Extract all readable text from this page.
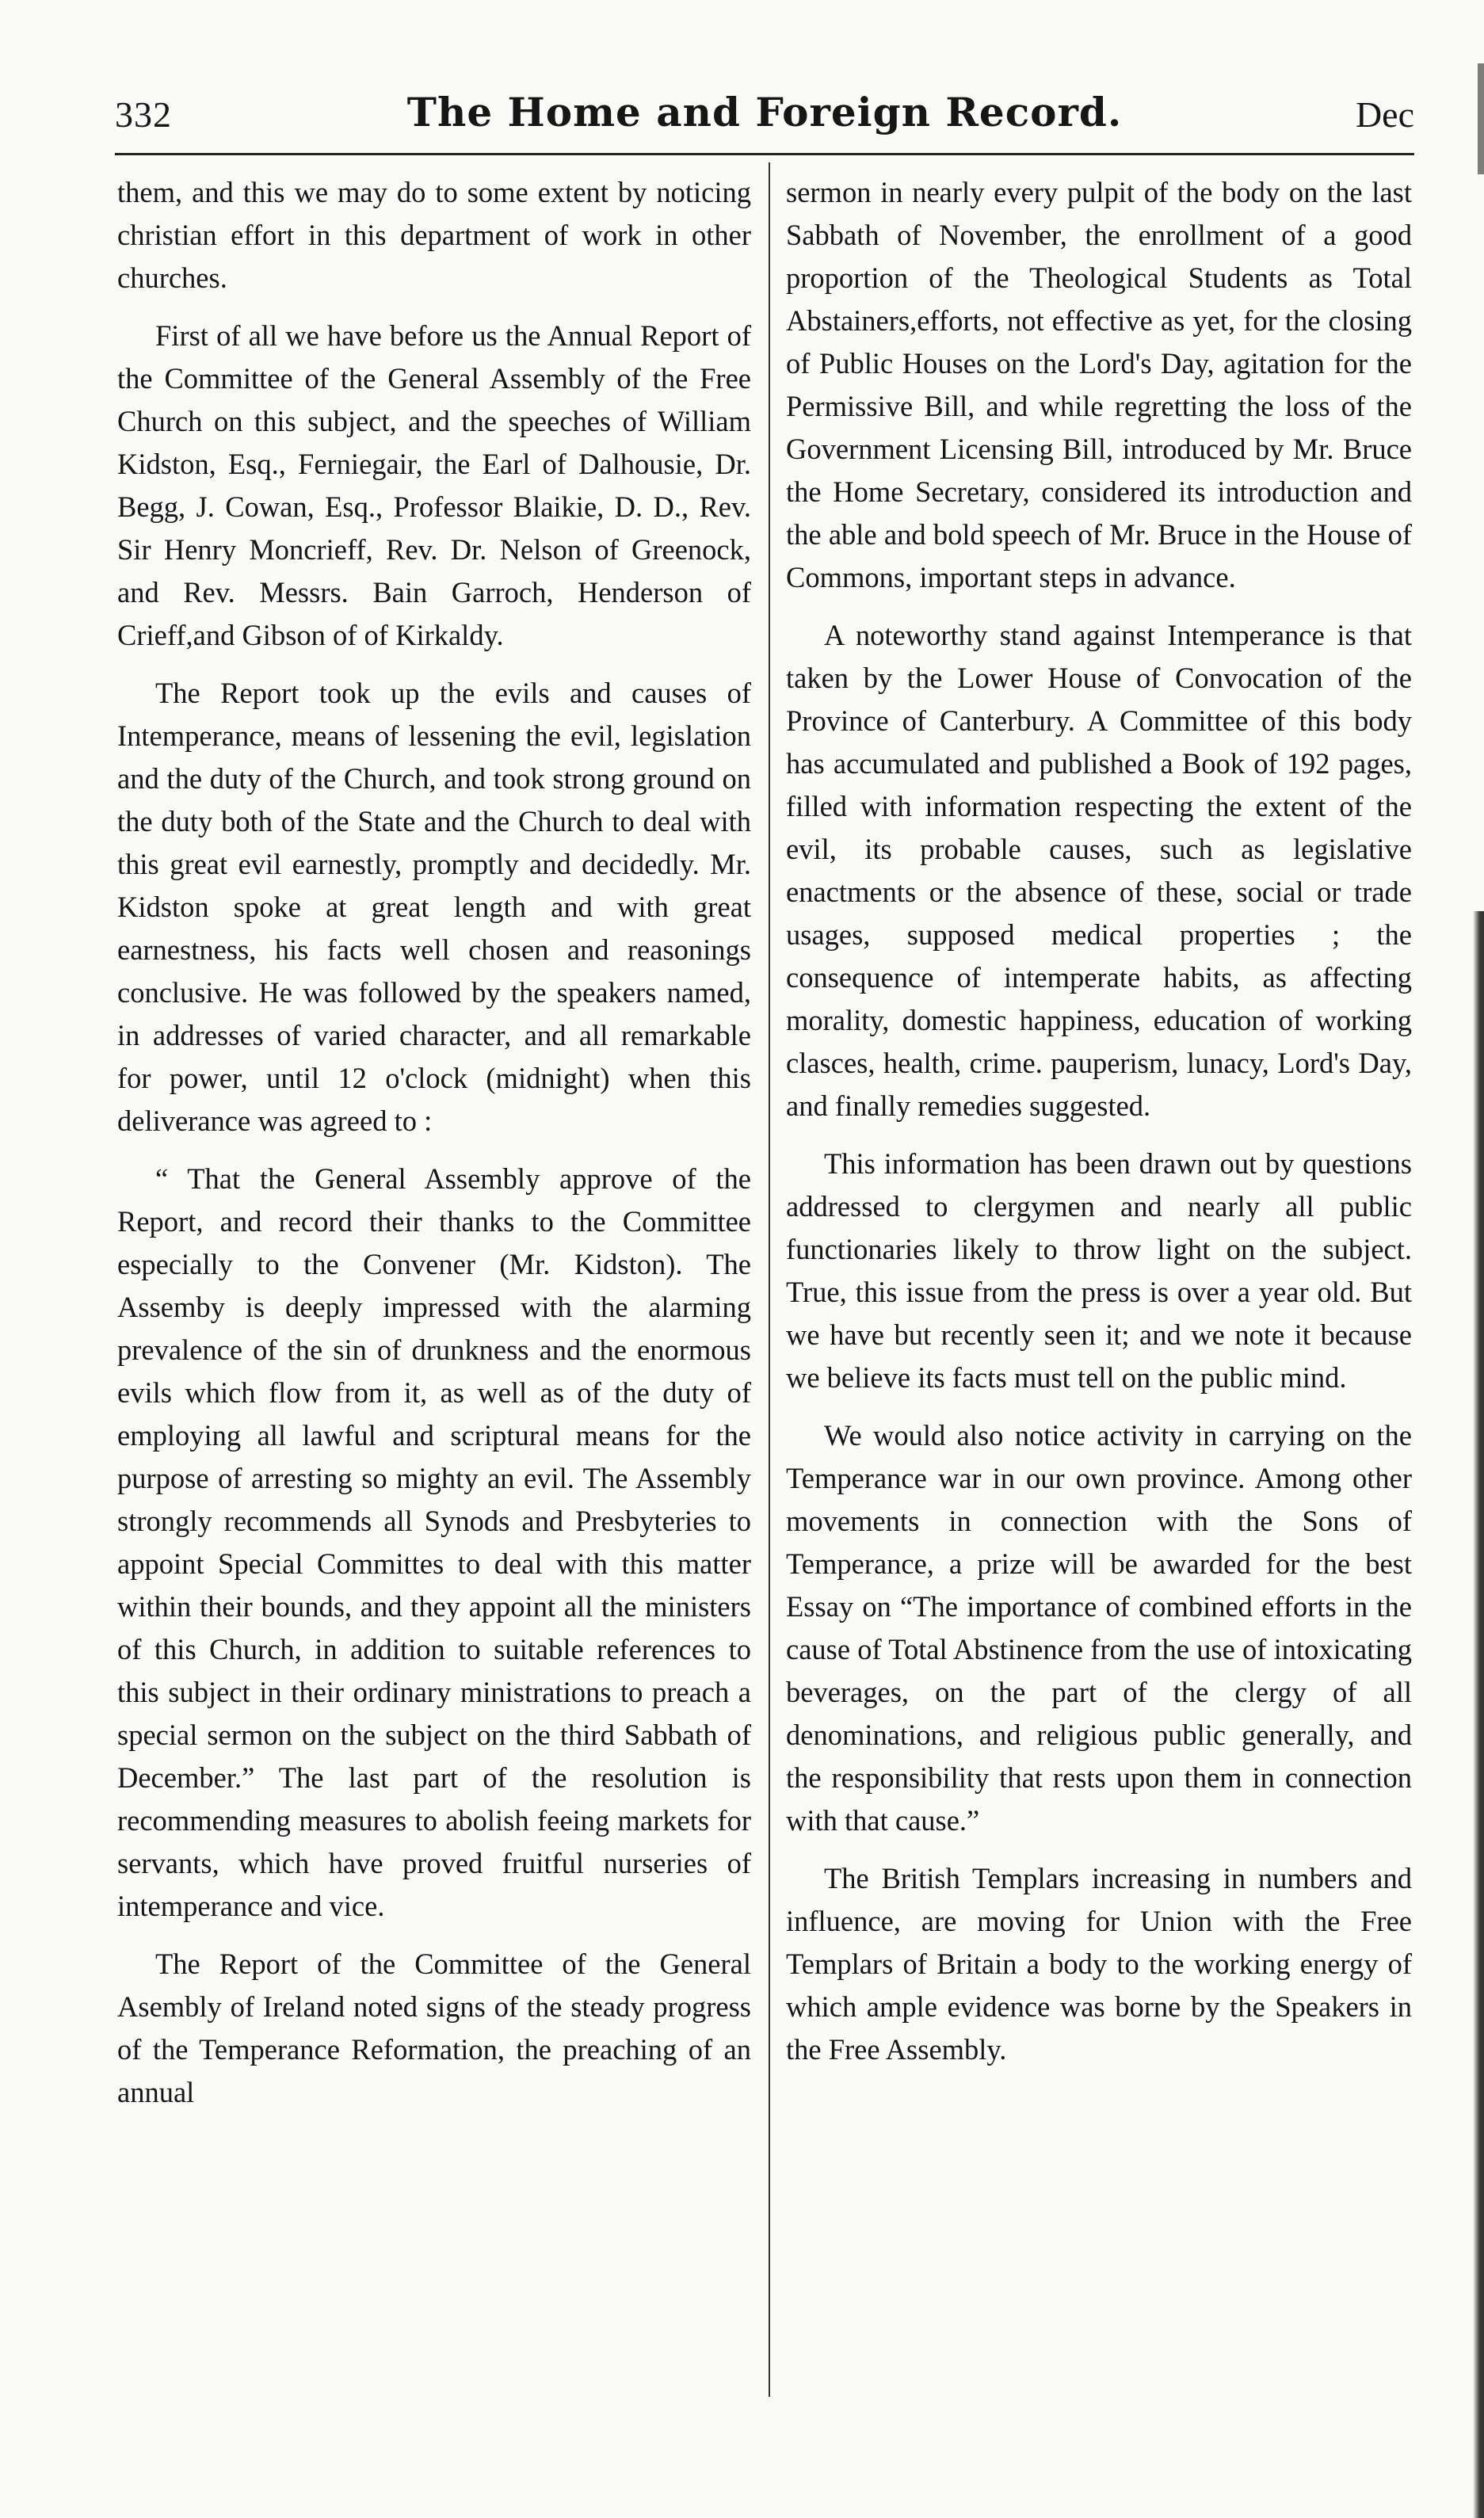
332	The Home and Foreign Record.	Dec

them, and this we may do to some extent by noticing christian effort in this department of work in other churches.

First of all we have before us the Annual Report of the Committee of the General Assembly of the Free Church on this subject, and the speeches of William Kidston, Esq., Ferniegair, the Earl of Dalhousie, Dr. Begg, J. Cowan, Esq., Professor Blaikie, D. D., Rev. Sir Henry Moncrieff, Rev. Dr. Nelson of Greenock, and Rev. Messrs. Bain Garroch, Henderson of Crieff,and Gibson of of Kirkaldy.

The Report took up the evils and causes of Intemperance, means of lessening the evil, legislation and the duty of the Church, and took strong ground on the duty both of the State and the Church to deal with this great evil earnestly, promptly and decidedly. Mr. Kidston spoke at great length and with great earnestness, his facts well chosen and reasonings conclusive. He was followed by the speakers named, in addresses of varied character, and all remarkable for power, until 12 o'clock (midnight) when this deliverance was agreed to :

“ That the General Assembly approve of the Report, and record their thanks to the Committee especially to the Convener (Mr. Kidston). The Assemby is deeply impressed with the alarming prevalence of the sin of drunkness and the enormous evils which flow from it, as well as of the duty of employing all lawful and scriptural means for the purpose of arresting so mighty an evil. The Assembly strongly recommends all Synods and Presbyteries to appoint Special Committes to deal with this matter within their bounds, and they appoint all the ministers of this Church, in addition to suitable references to this subject in their ordinary ministrations to preach a special sermon on the subject on the third Sabbath of December.” The last part of the resolution is recommending measures to abolish feeing markets for servants, which have proved fruitful nurseries of intemperance and vice.

The Report of the Committee of the General Asembly of Ireland noted signs of the steady progress of the Temperance Reformation, the preaching of an annual

sermon in nearly every pulpit of the body on the last Sabbath of November, the enrollment of a good proportion of the Theological Students as Total Abstainers,efforts, not effective as yet, for the closing of Public Houses on the Lord's Day, agitation for the Permissive Bill, and while regretting the loss of the Government Licensing Bill, introduced by Mr. Bruce the Home Secretary, considered its introduction and the able and bold speech of Mr. Bruce in the House of Commons, important steps in advance.

A noteworthy stand against Intemperance is that taken by the Lower House of Convocation of the Province of Canterbury. A Committee of this body has accumulated and published a Book of 192 pages, filled with information respecting the extent of the evil, its probable causes, such as legislative enactments or the absence of these, social or trade usages, supposed medical properties ; the consequence of intemperate habits, as affecting morality, domestic happiness, education of working clasces, health, crime. pauperism, lunacy, Lord's Day, and finally remedies suggested.

This information has been drawn out by questions addressed to clergymen and nearly all public functionaries likely to throw light on the subject. True, this issue from the press is over a year old. But we have but recently seen it; and we note it because we believe its facts must tell on the public mind.

We would also notice activity in carrying on the Temperance war in our own province. Among other movements in connection with the Sons of Temperance, a prize will be awarded for the best Essay on “The importance of combined efforts in the cause of Total Abstinence from the use of intoxicating beverages, on the part of the clergy of all denominations, and religious public generally, and the responsibility that rests upon them in connection with that cause.”

The British Templars increasing in numbers and influence, are moving for Union with the Free Templars of Britain a body to the working energy of which ample evidence was borne by the Speakers in the Free Assembly.
